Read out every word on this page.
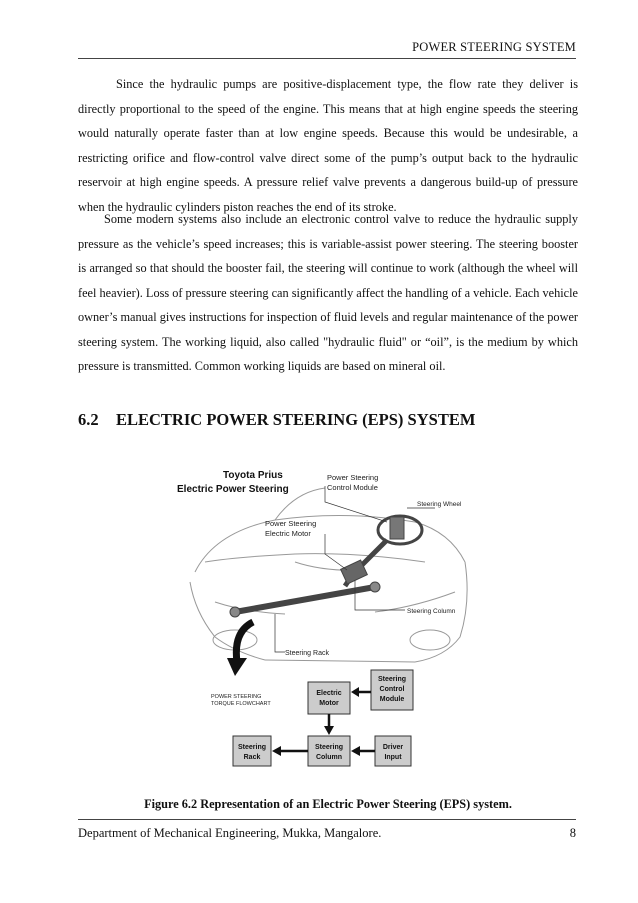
POWER STEERING SYSTEM

Since the hydraulic pumps are positive-displacement type, the flow rate they deliver is directly proportional to the speed of the engine. This means that at high engine speeds the steering would naturally operate faster than at low engine speeds. Because this would be undesirable, a restricting orifice and flow-control valve direct some of the pump’s output back to the hydraulic reservoir at high engine speeds. A pressure relief valve prevents a dangerous build-up of pressure when the hydraulic cylinders piston reaches the end of its stroke.

Some modern systems also include an electronic control valve to reduce the hydraulic supply pressure as the vehicle’s speed increases; this is variable-assist power steering. The steering booster is arranged so that should the booster fail, the steering will continue to work (although the wheel will feel heavier). Loss of pressure steering can significantly affect the handling of a vehicle. Each vehicle owner’s manual gives instructions for inspection of fluid levels and regular maintenance of the power steering system. The working liquid, also called "hydraulic fluid" or “oil”, is the medium by which pressure is transmitted. Common working liquids are based on mineral oil.

6.2 ELECTRIC POWER STEERING (EPS) SYSTEM
Toyota Prius
Electric Power Steering
Power Steering
Control Module
Steering Wheel
Power Steering
Electric Motor
Steering Column
Steering Rack
POWER STEERING
TORQUE FLOWCHART
Electric
Motor
Steering
Control
Module
Steering
Rack
Steering
Column
Driver
Input

Figure 6.2 Representation of an Electric Power Steering (EPS) system.

Department of Mechanical Engineering, Mukka, Mangalore.	8
